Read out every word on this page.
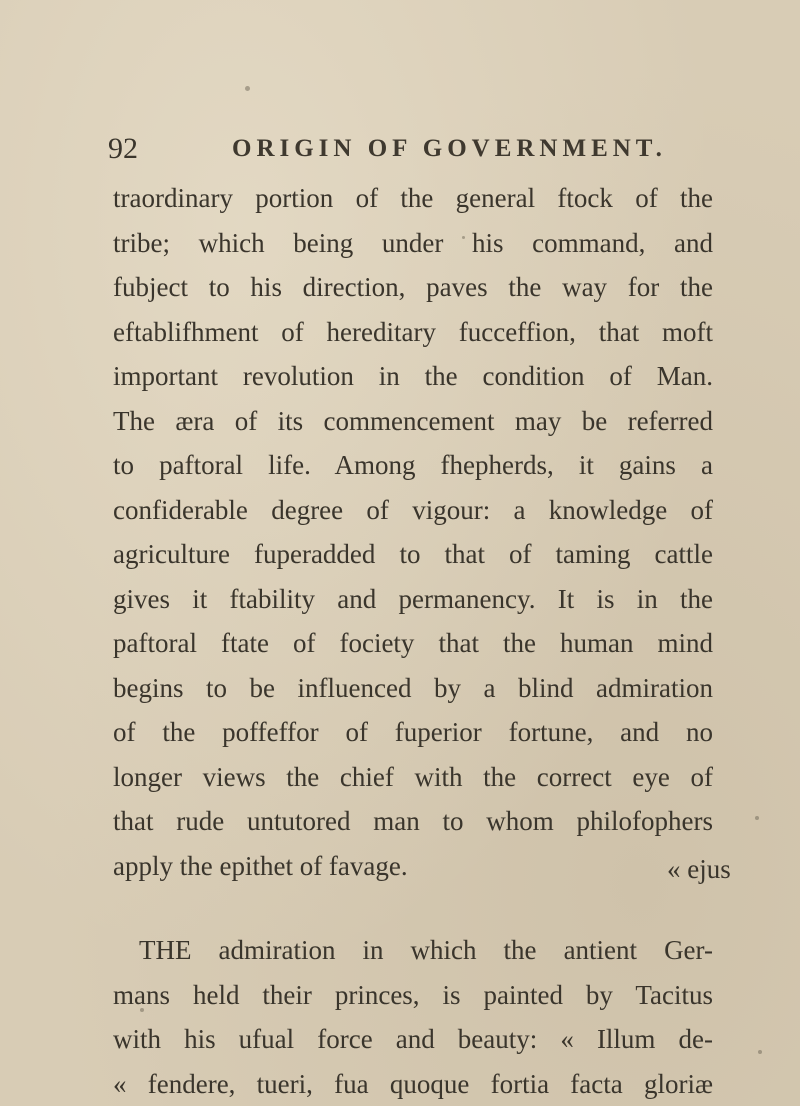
92	ORIGIN OF GOVERNMENT.
traordinary portion of the general ftock of the
tribe; which being under his command, and
fubject to his direction, paves the way for the
eftablifhment of hereditary fucceffion, that moft
important revolution in the condition of Man.
The æra of its commencement may be referred
to paftoral life. Among fhepherds, it gains a
confiderable degree of vigour: a knowledge of
agriculture fuperadded to that of taming cattle
gives it ftability and permanency. It is in the
paftoral ftate of fociety that the human mind
begins to be influenced by a blind admiration
of the poffeffor of fuperior fortune, and no
longer views the chief with the correct eye of
that rude untutored man to whom philofophers
apply the epithet of favage.
THE admiration in which the antient Ger-
mans held their princes, is painted by Tacitus
with his ufual force and beauty: « Illum de-
« fendere, tueri, fua quoque fortia facta gloriæ
« ejus
